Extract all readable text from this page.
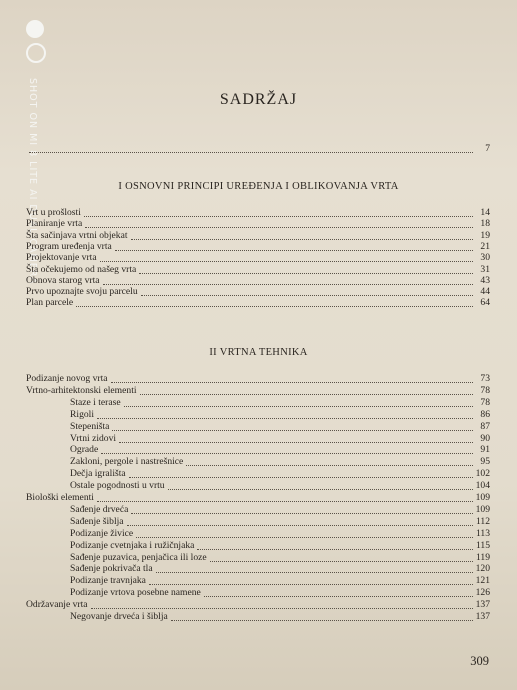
SHOT ON MI 8 LITE AI DUAL CAMERA	SADRŽAJ
7
I OSNOVNI PRINCIPI UREĐENJA I OBLIKOVANJA VRTA
Vrt u prošlosti	14
Planiranje vrta	18
Šta sačinjava vrtni objekat	19
Program uređenja vrta	21
Projektovanje vrta	30
Šta očekujemo od našeg vrta	31
Obnova starog vrta	43
Prvo upoznajte svoju parcelu	44
Plan parcele	64
II VRTNA TEHNIKA
Podizanje novog vrta	73
Vrtno-arhitektonski elementi	78
Staze i terase	78
Rigoli	86
Stepeništa	87
Vrtni zidovi	90
Ograde	91
Zakloni, pergole i nastrešnice	95
Dečja igrališta	102
Ostale pogodnosti u vrtu	104
Biološki elementi	109
Sađenje drveća	109
Sađenje šiblja	112
Podizanje živice	113
Podizanje cvetnjaka i ružičnjaka	115
Sađenje puzavica, penjačica ili loze	119
Sađenje pokrivača tla	120
Podizanje travnjaka	121
Podizanje vrtova posebne namene	126
Održavanje vrta	137
Negovanje drveća i šiblja	137
309
